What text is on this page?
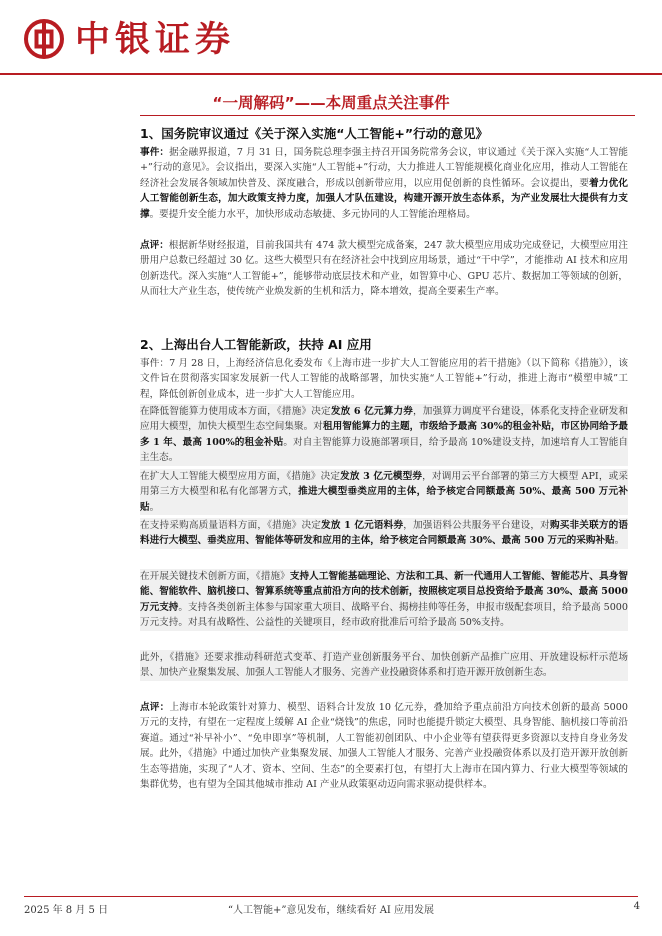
中银证券
“一周解码”——本周重点关注事件
1、国务院审议通过《关于深入实施“人工智能+”行动的意见》

事件：据金融界报道，7 月 31 日，国务院总理李强主持召开国务院常务会议，审议通过《关于深入实施“人工智能+”行动的意见》。会议指出，要深入实施“人工智能+”行动，大力推进人工智能规模化商业化应用，推动人工智能在经济社会发展各领域加快普及、深度融合，形成以创新带应用，以应用促创新的良性循环。会议提出，要着力优化人工智能创新生态，加大政策支持力度，加强人才队伍建设，构建开源开放生态体系，为产业发展壮大提供有力支撑。要提升安全能力水平，加快形成动态敏捷、多元协同的人工智能治理格局。

点评：根据新华财经报道，目前我国共有 474 款大模型完成备案，247 款大模型应用成功完成登记，大模型应用注册用户总数已经超过 30 亿。这些大模型只有在经济社会中找到应用场景，通过“干中学”，才能推动 AI 技术和应用创新迭代。深入实施“人工智能+”，能够带动底层技术和产业，如智算中心、GPU 芯片、数据加工等领域的创新，从而壮大产业生态，使传统产业焕发新的生机和活力，降本增效，提高全要素生产率。

2、上海出台人工智能新政，扶持 AI 应用

事件：7 月 28 日，上海经济信息化委发布《上海市进一步扩大人工智能应用的若干措施》（以下简称《措施》），该文件旨在贯彻落实国家发展新一代人工智能的战略部署，加快实施“人工智能+”行动，推进上海市“模塑申城”工程，降低创新创业成本，进一步扩大人工智能应用。

在降低智能算力使用成本方面，《措施》决定发放 6 亿元算力券，加强算力调度平台建设，体系化支持企业研发和应用大模型，加快大模型生态空间集聚。对租用智能算力的主题，市级给予最高 30%的租金补贴，市区协同给予最多 1 年、最高 100%的租金补贴。对自主智能算力设施部署项目，给予最高 10%建设支持，加速培育人工智能自主生态。

在扩大人工智能大模型应用方面，《措施》决定发放 3 亿元模型券，对调用云平台部署的第三方大模型 API，或采用第三方大模型和私有化部署方式，推进大模型垂类应用的主体，给予核定合同额最高 50%、最高 500 万元补贴。

在支持采购高质量语料方面，《措施》决定发放 1 亿元语料券，加强语料公共服务平台建设，对购买非关联方的语料进行大模型、垂类应用、智能体等研发和应用的主体，给予核定合同额最高 30%、最高 500 万元的采购补贴。

在开展关键技术创新方面，《措施》支持人工智能基础理论、方法和工具、新一代通用人工智能、智能芯片、具身智能、智能软件、脑机接口、智算系统等重点前沿方向的技术创新，按照核定项目总投资给予最高 30%、最高 5000 万元支持。支持各类创新主体参与国家重大项目、战略平台、揭榜挂帅等任务，申报市级配套项目，给予最高 5000 万元支持。对具有战略性、公益性的关键项目，经市政府批准后可给予最高 50%支持。

此外，《措施》还要求推动科研范式变革、打造产业创新服务平台、加快创新产品推广应用、开放建设标杆示范场景、加快产业聚集发展、加强人工智能人才服务、完善产业投融资体系和打造开源开放创新生态。

点评：上海市本轮政策针对算力、模型、语料合计发放 10 亿元券，叠加给予重点前沿方向技术创新的最高 5000 万元的支持，有望在一定程度上缓解 AI 企业“烧钱”的焦虑，同时也能提升锁定大模型、具身智能、脑机接口等前沿赛道。通过“补早补小”、“免申即享”等机制，人工智能初创团队、中小企业等有望获得更多资源以支持自身业务发展。此外，《措施》中通过加快产业集聚发展、加强人工智能人才服务、完善产业投融资体系以及打造开源开放创新生态等措施，实现了“人才、资本、空间、生态”的全要素打包，有望打大上海市在国内算力、行业大模型等领域的集群优势，也有望为全国其他城市推动 AI 产业从政策驱动迈向需求驱动提供样本。

2025 年 8 月 5 日	“人工智能+”意见发布，继续看好 AI 应用发展	4
